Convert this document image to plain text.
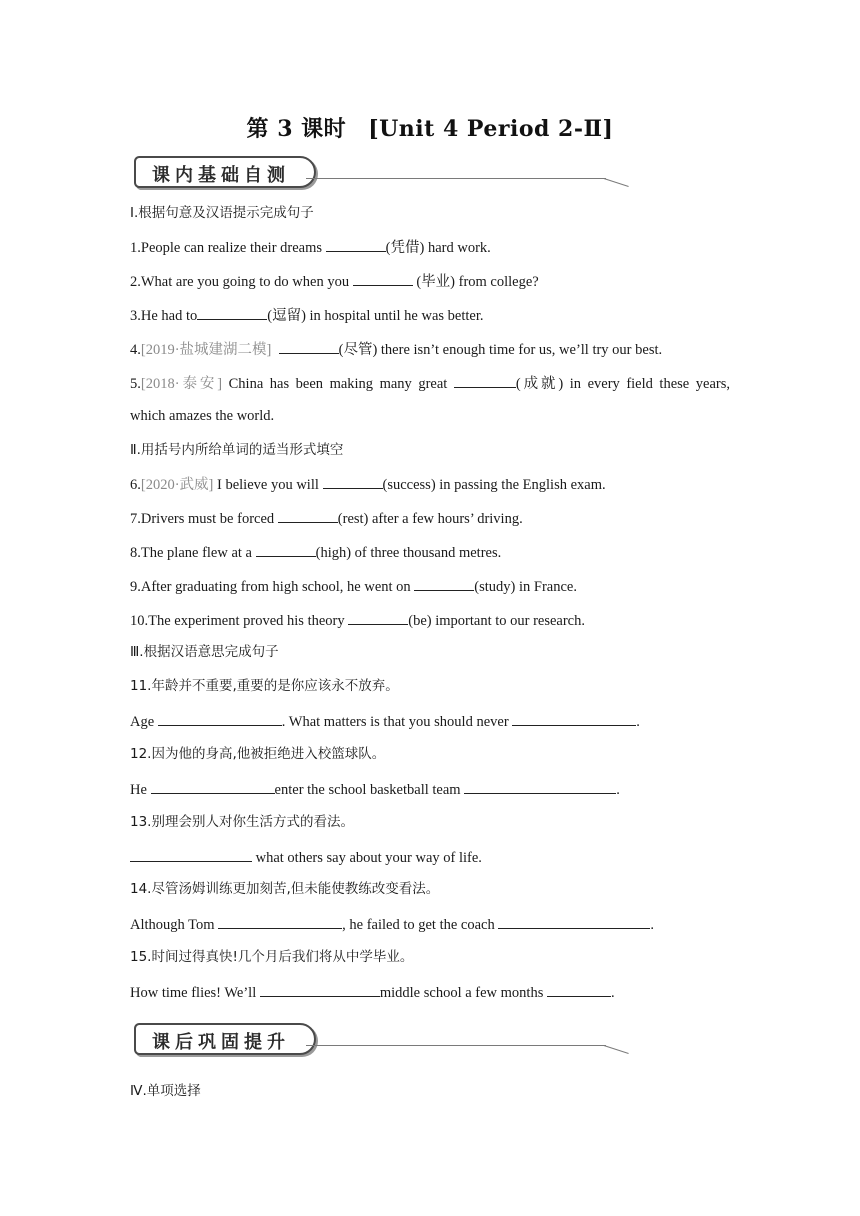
第 3 课时 [Unit 4 Period 2-Ⅱ]
课内基础自测
Ⅰ.根据句意及汉语提示完成句子
1.People can realize their dreams	(凭借) hard work.
2.What are you going to do when you	(毕业) from college?
3.He had to	(逗留) in hospital until he was better.
4.[2019·盐城建湖二模]	(尽管) there isn’t enough time for us, we’ll try our best.
5.[2018·泰安] China has been making many great	(成就) in every field these years,
which amazes the world.
Ⅱ.用括号内所给单词的适当形式填空
6.[2020·武威] I believe you will	(success) in passing the English exam.
7.Drivers must be forced	(rest) after a few hours’ driving.
8.The plane flew at a	(high) of three thousand metres.
9.After graduating from high school, he went on	(study) in France.
10.The experiment proved his theory	(be) important to our research.
Ⅲ.根据汉语意思完成句子
11.年龄并不重要,重要的是你应该永不放弃。
Age	. What matters is that you should never	.
12.因为他的身高,他被拒绝进入校篮球队。
He	enter the school basketball team	.
13.别理会别人对你生活方式的看法。
what others say about your way of life.
14.尽管汤姆训练更加刻苦,但未能使教练改变看法。
Although Tom	, he failed to get the coach	.
15.时间过得真快!几个月后我们将从中学毕业。
How time flies! We’ll	middle school a few months	.
课后巩固提升
Ⅳ.单项选择
